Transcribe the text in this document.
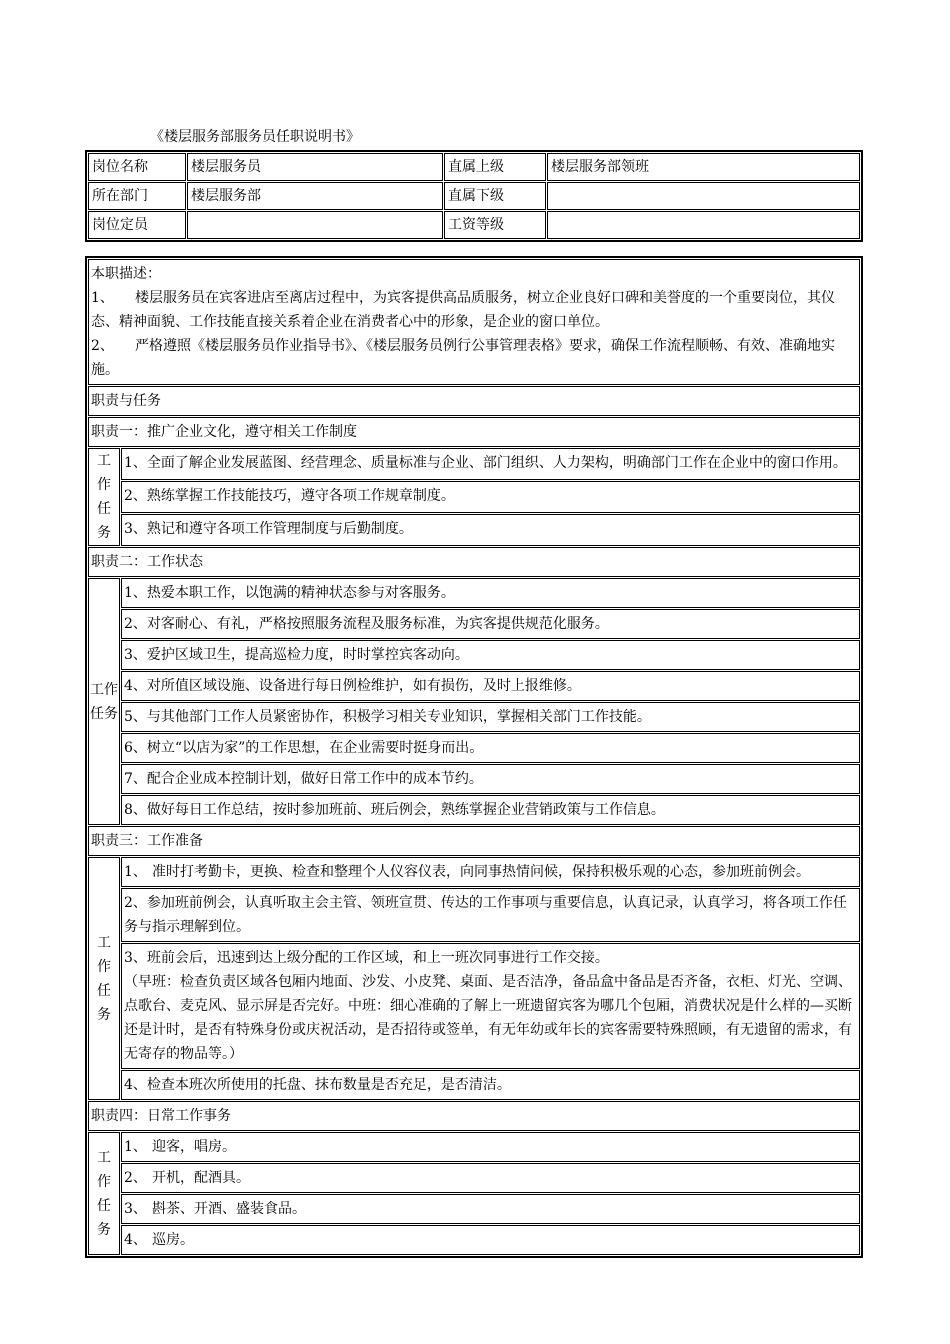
《楼层服务部服务员任职说明书》
岗位名称	楼层服务员	直属上级	楼层服务部领班
所在部门	楼层服务部	直属下级	
岗位定员		工资等级	
本职描述：
1、 楼层服务员在宾客进店至离店过程中，为宾客提供高品质服务，树立企业良好口碑和美誉度的一个重要岗位，其仪态、精神面貌、工作技能直接关系着企业在消费者心中的形象，是企业的窗口单位。
2、 严格遵照《楼层服务员作业指导书》、《楼层服务员例行公事管理表格》要求，确保工作流程顺畅、有效、准确地实施。	

职责与任务	
职责一：推广企业文化，遵守相关工作制度	

工
作
任
务	1、全面了解企业发展蓝图、经营理念、质量标准与企业、部门组织、人力架构，明确部门工作在企业中的窗口作用。
	2、熟练掌握工作技能技巧，遵守各项工作规章制度。
	3、熟记和遵守各项工作管理制度与后勤制度。
职责二：工作状态	

工作
任务	1、热爱本职工作，以饱满的精神状态参与对客服务。
	2、对客耐心、有礼，严格按照服务流程及服务标准，为宾客提供规范化服务。
	3、爱护区域卫生，提高巡检力度，时时掌控宾客动向。
	4、对所值区域设施、设备进行每日例检维护，如有损伤，及时上报维修。
	5、与其他部门工作人员紧密协作，积极学习相关专业知识，掌握相关部门工作技能。
	6、树立“以店为家”的工作思想，在企业需要时挺身而出。
	7、配合企业成本控制计划，做好日常工作中的成本节约。
	8、做好每日工作总结，按时参加班前、班后例会，熟练掌握企业营销政策与工作信息。
职责三：工作准备	

工
作
任
务	1、 准时打考勤卡，更换、检查和整理个人仪容仪表，向同事热情问候，保持积极乐观的心态，参加班前例会。
	2、参加班前例会，认真听取主会主管、领班宣贯、传达的工作事项与重要信息，认真记录，认真学习，将各项工作任务与指示理解到位。

	3、班前会后，迅速到达上级分配的工作区域，和上一班次同事进行工作交接。
（早班：检查负责区域各包厢内地面、沙发、小皮凳、桌面、是否洁净，备品盒中备品是否齐备，衣柜、灯光、空调、点歌台、麦克风、显示屏是否完好。中班：细心准确的了解上一班遗留宾客为哪几个包厢，消费状况是什么样的—买断还是计时，是否有特殊身份或庆祝活动，是否招待或签单，有无年幼或年长的宾客需要特殊照顾，有无遗留的需求，有无寄存的物品等。）

	4、检查本班次所使用的托盘、抹布数量是否充足，是否清洁。
职责四：日常工作事务	

工
作
任
务	1、 迎客，唱房。
	2、 开机，配酒具。
	3、 斟茶、开酒、盛装食品。
	4、 巡房。
